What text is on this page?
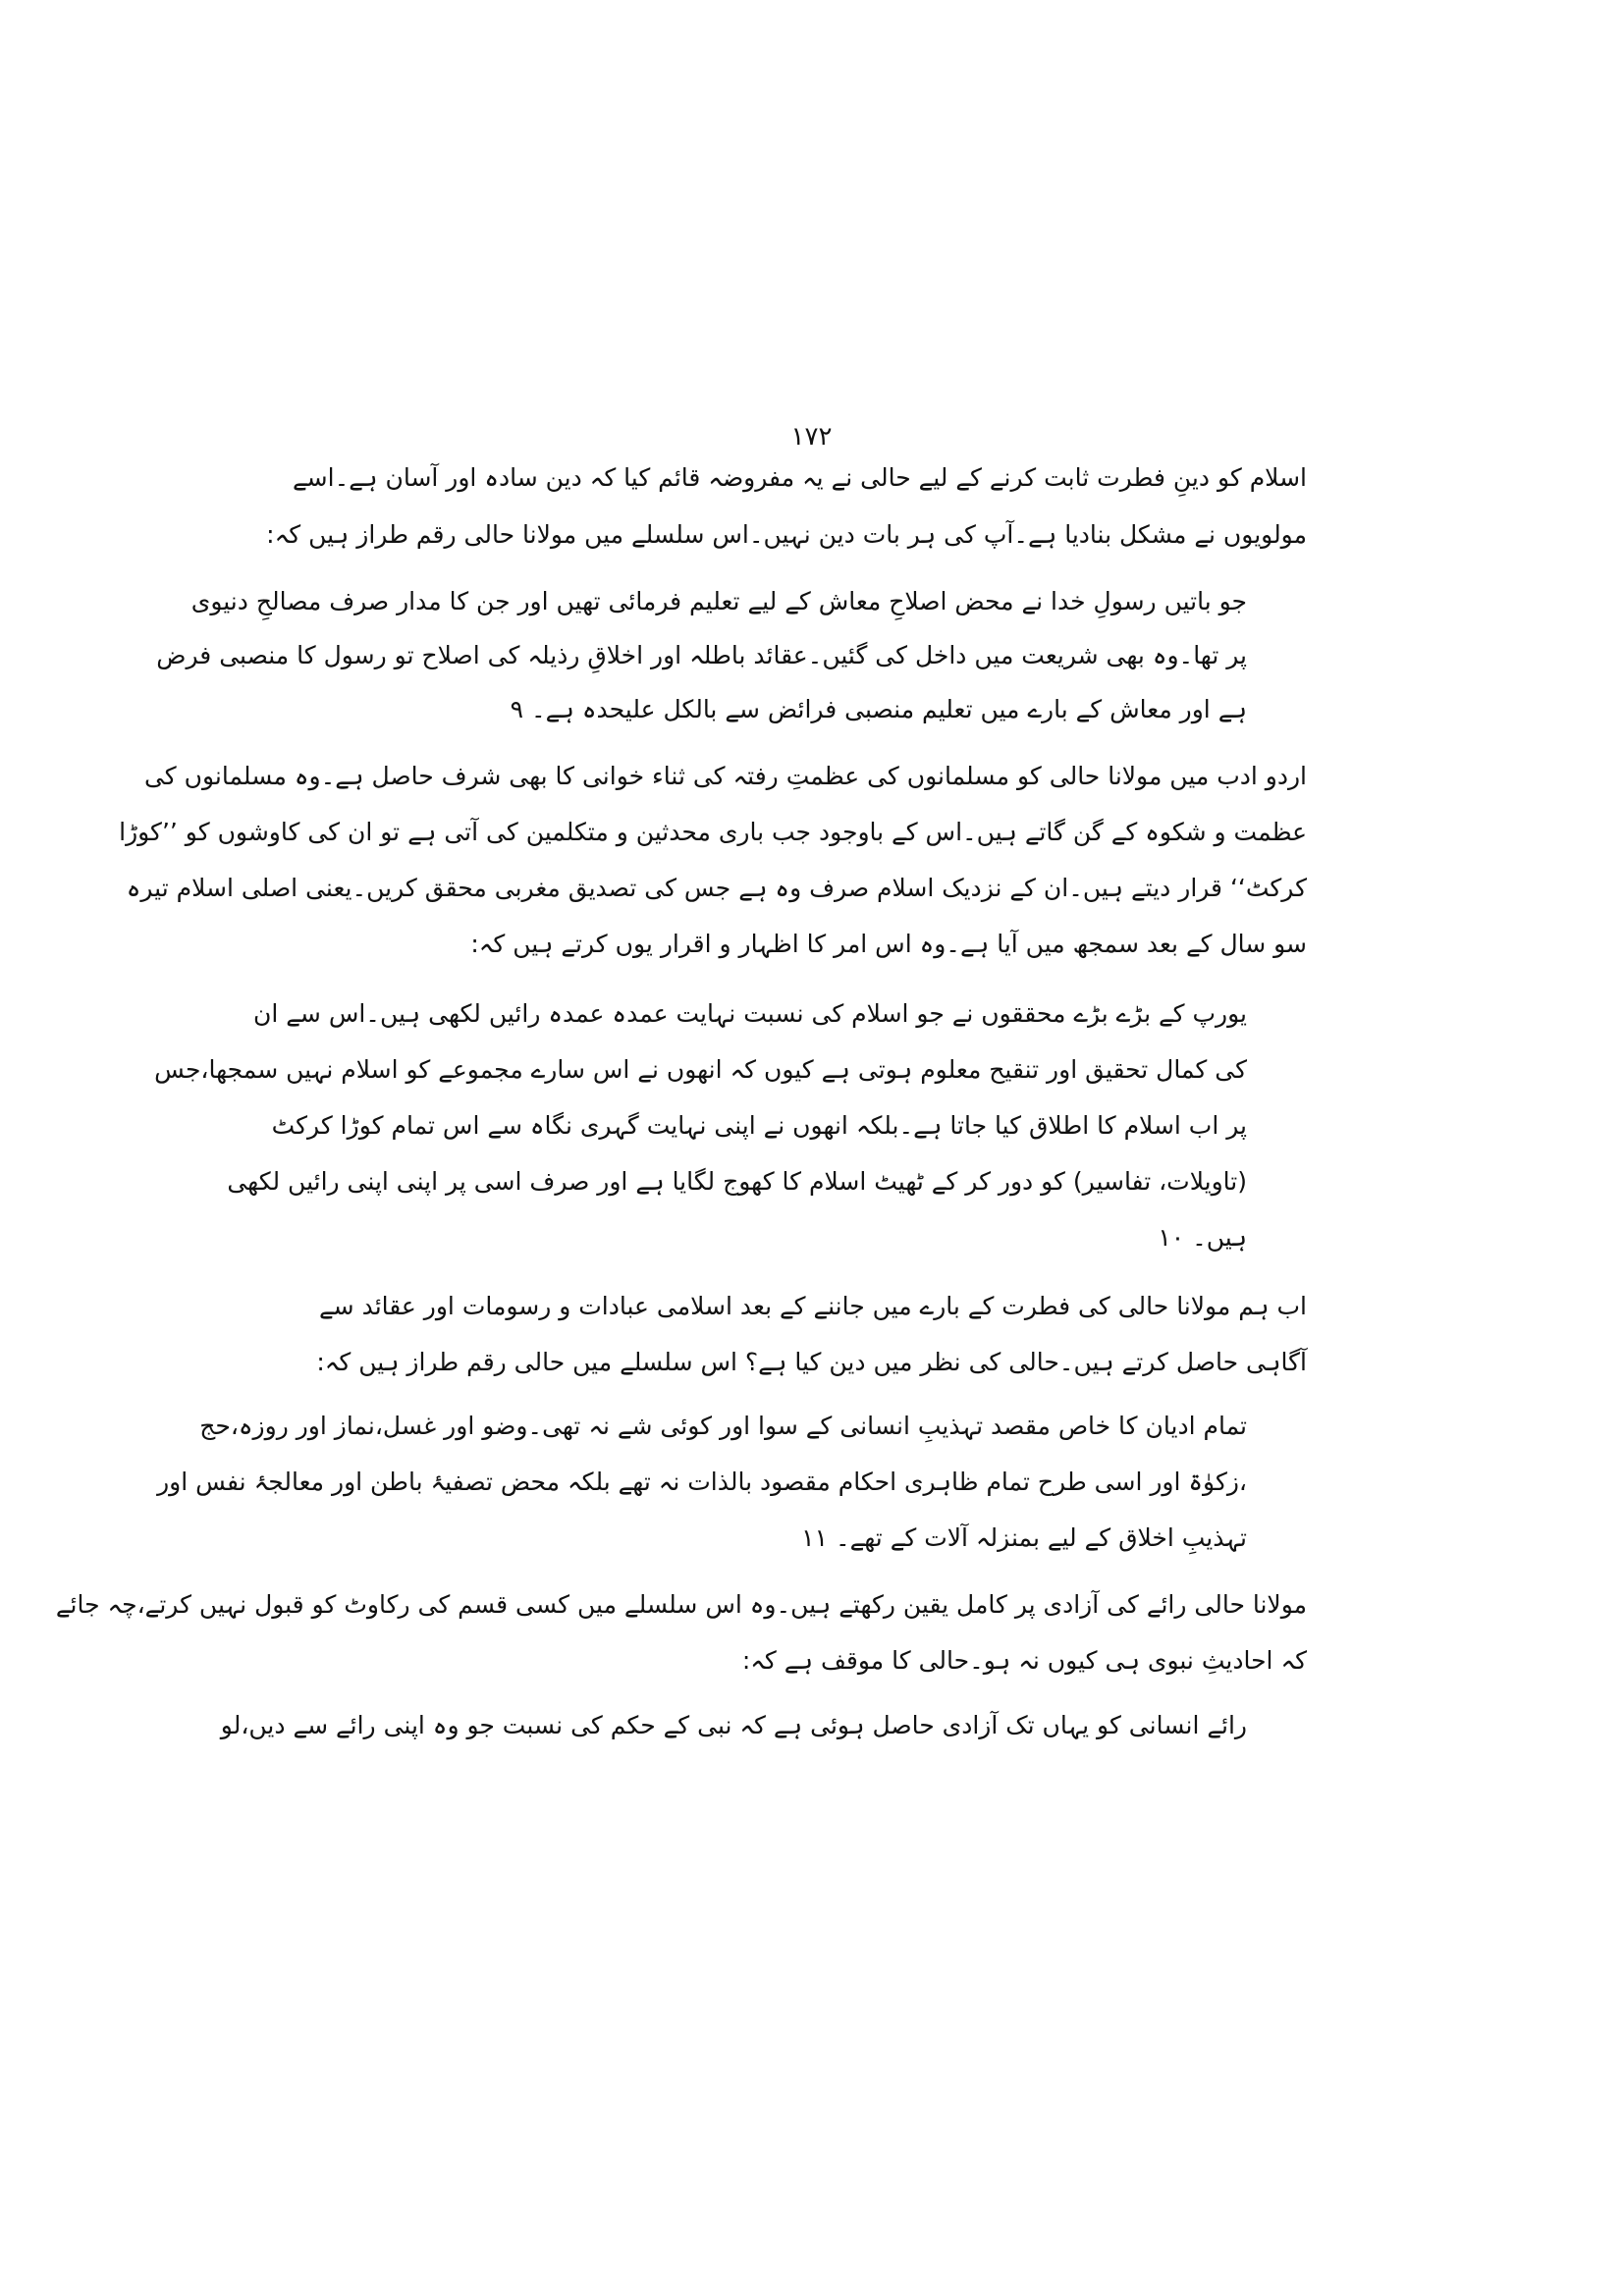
۱۷۲
اسلام کو دینِ فطرت ثابت کرنے کے لیے حالی نے یہ مفروضہ قائم کیا کہ دین سادہ اور آسان ہے۔اسے
مولویوں نے مشکل بنادیا ہے۔آپ کی ہر بات دین نہیں۔اس سلسلے میں مولانا حالی رقم طراز ہیں کہ:
جو باتیں رسولِ خدا نے محض اصلاحِ معاش کے لیے تعلیم فرمائی تھیں اور جن کا مدار صرف مصالحِ دنیوی
پر تھا۔وہ بھی شریعت میں داخل کی گئیں۔عقائد باطلہ اور اخلاقِ رذیلہ کی اصلاح تو رسول کا منصبی فرض
ہے اور معاش کے بارے میں تعلیم منصبی فرائض سے بالکل علیحدہ ہے۔ ۹
اردو ادب میں مولانا حالی کو مسلمانوں کی عظمتِ رفتہ کی ثناء خوانی کا بھی شرف حاصل ہے۔وہ مسلمانوں کی
عظمت و شکوہ کے گن گاتے ہیں۔اس کے باوجود جب باری محدثین و متکلمین کی آتی ہے تو ان کی کاوشوں کو ’’کوڑا
کرکٹ‘‘ قرار دیتے ہیں۔ان کے نزدیک اسلام صرف وہ ہے جس کی تصدیق مغربی محقق کریں۔یعنی اصلی اسلام تیرہ
سو سال کے بعد سمجھ میں آیا ہے۔وہ اس امر کا اظہار و اقرار یوں کرتے ہیں کہ:
یورپ کے بڑے بڑے محققوں نے جو اسلام کی نسبت نہایت عمدہ عمدہ رائیں لکھی ہیں۔اس سے ان
کی کمال تحقیق اور تنقیح معلوم ہوتی ہے کیوں کہ انھوں نے اس سارے مجموعے کو اسلام نہیں سمجھا،جس
پر اب اسلام کا اطلاق کیا جاتا ہے۔بلکہ انھوں نے اپنی نہایت گہری نگاہ سے اس تمام کوڑا کرکٹ
(تاویلات، تفاسیر) کو دور کر کے ٹھیٹ اسلام کا کھوج لگایا ہے اور صرف اسی پر اپنی اپنی رائیں لکھی
ہیں۔ ۱۰
اب ہم مولانا حالی کی فطرت کے بارے میں جاننے کے بعد اسلامی عبادات و رسومات اور عقائد سے
آگاہی حاصل کرتے ہیں۔حالی کی نظر میں دین کیا ہے؟ اس سلسلے میں حالی رقم طراز ہیں کہ:
تمام ادیان کا خاص مقصد تہذیبِ انسانی کے سوا اور کوئی شے نہ تھی۔وضو اور غسل،نماز اور روزہ،حج
،زکوٰۃ اور اسی طرح تمام ظاہری احکام مقصود بالذات نہ تھے بلکہ محض تصفیۂ باطن اور معالجۂ نفس اور
تہذیبِ اخلاق کے لیے بمنزلہ آلات کے تھے۔ ۱۱
مولانا حالی رائے کی آزادی پر کامل یقین رکھتے ہیں۔وہ اس سلسلے میں کسی قسم کی رکاوٹ کو قبول نہیں کرتے،چہ جائے
کہ احادیثِ نبوی ہی کیوں نہ ہو۔حالی کا موقف ہے کہ:
رائے انسانی کو یہاں تک آزادی حاصل ہوئی ہے کہ نبی کے حکم کی نسبت جو وہ اپنی رائے سے دیں،لو
